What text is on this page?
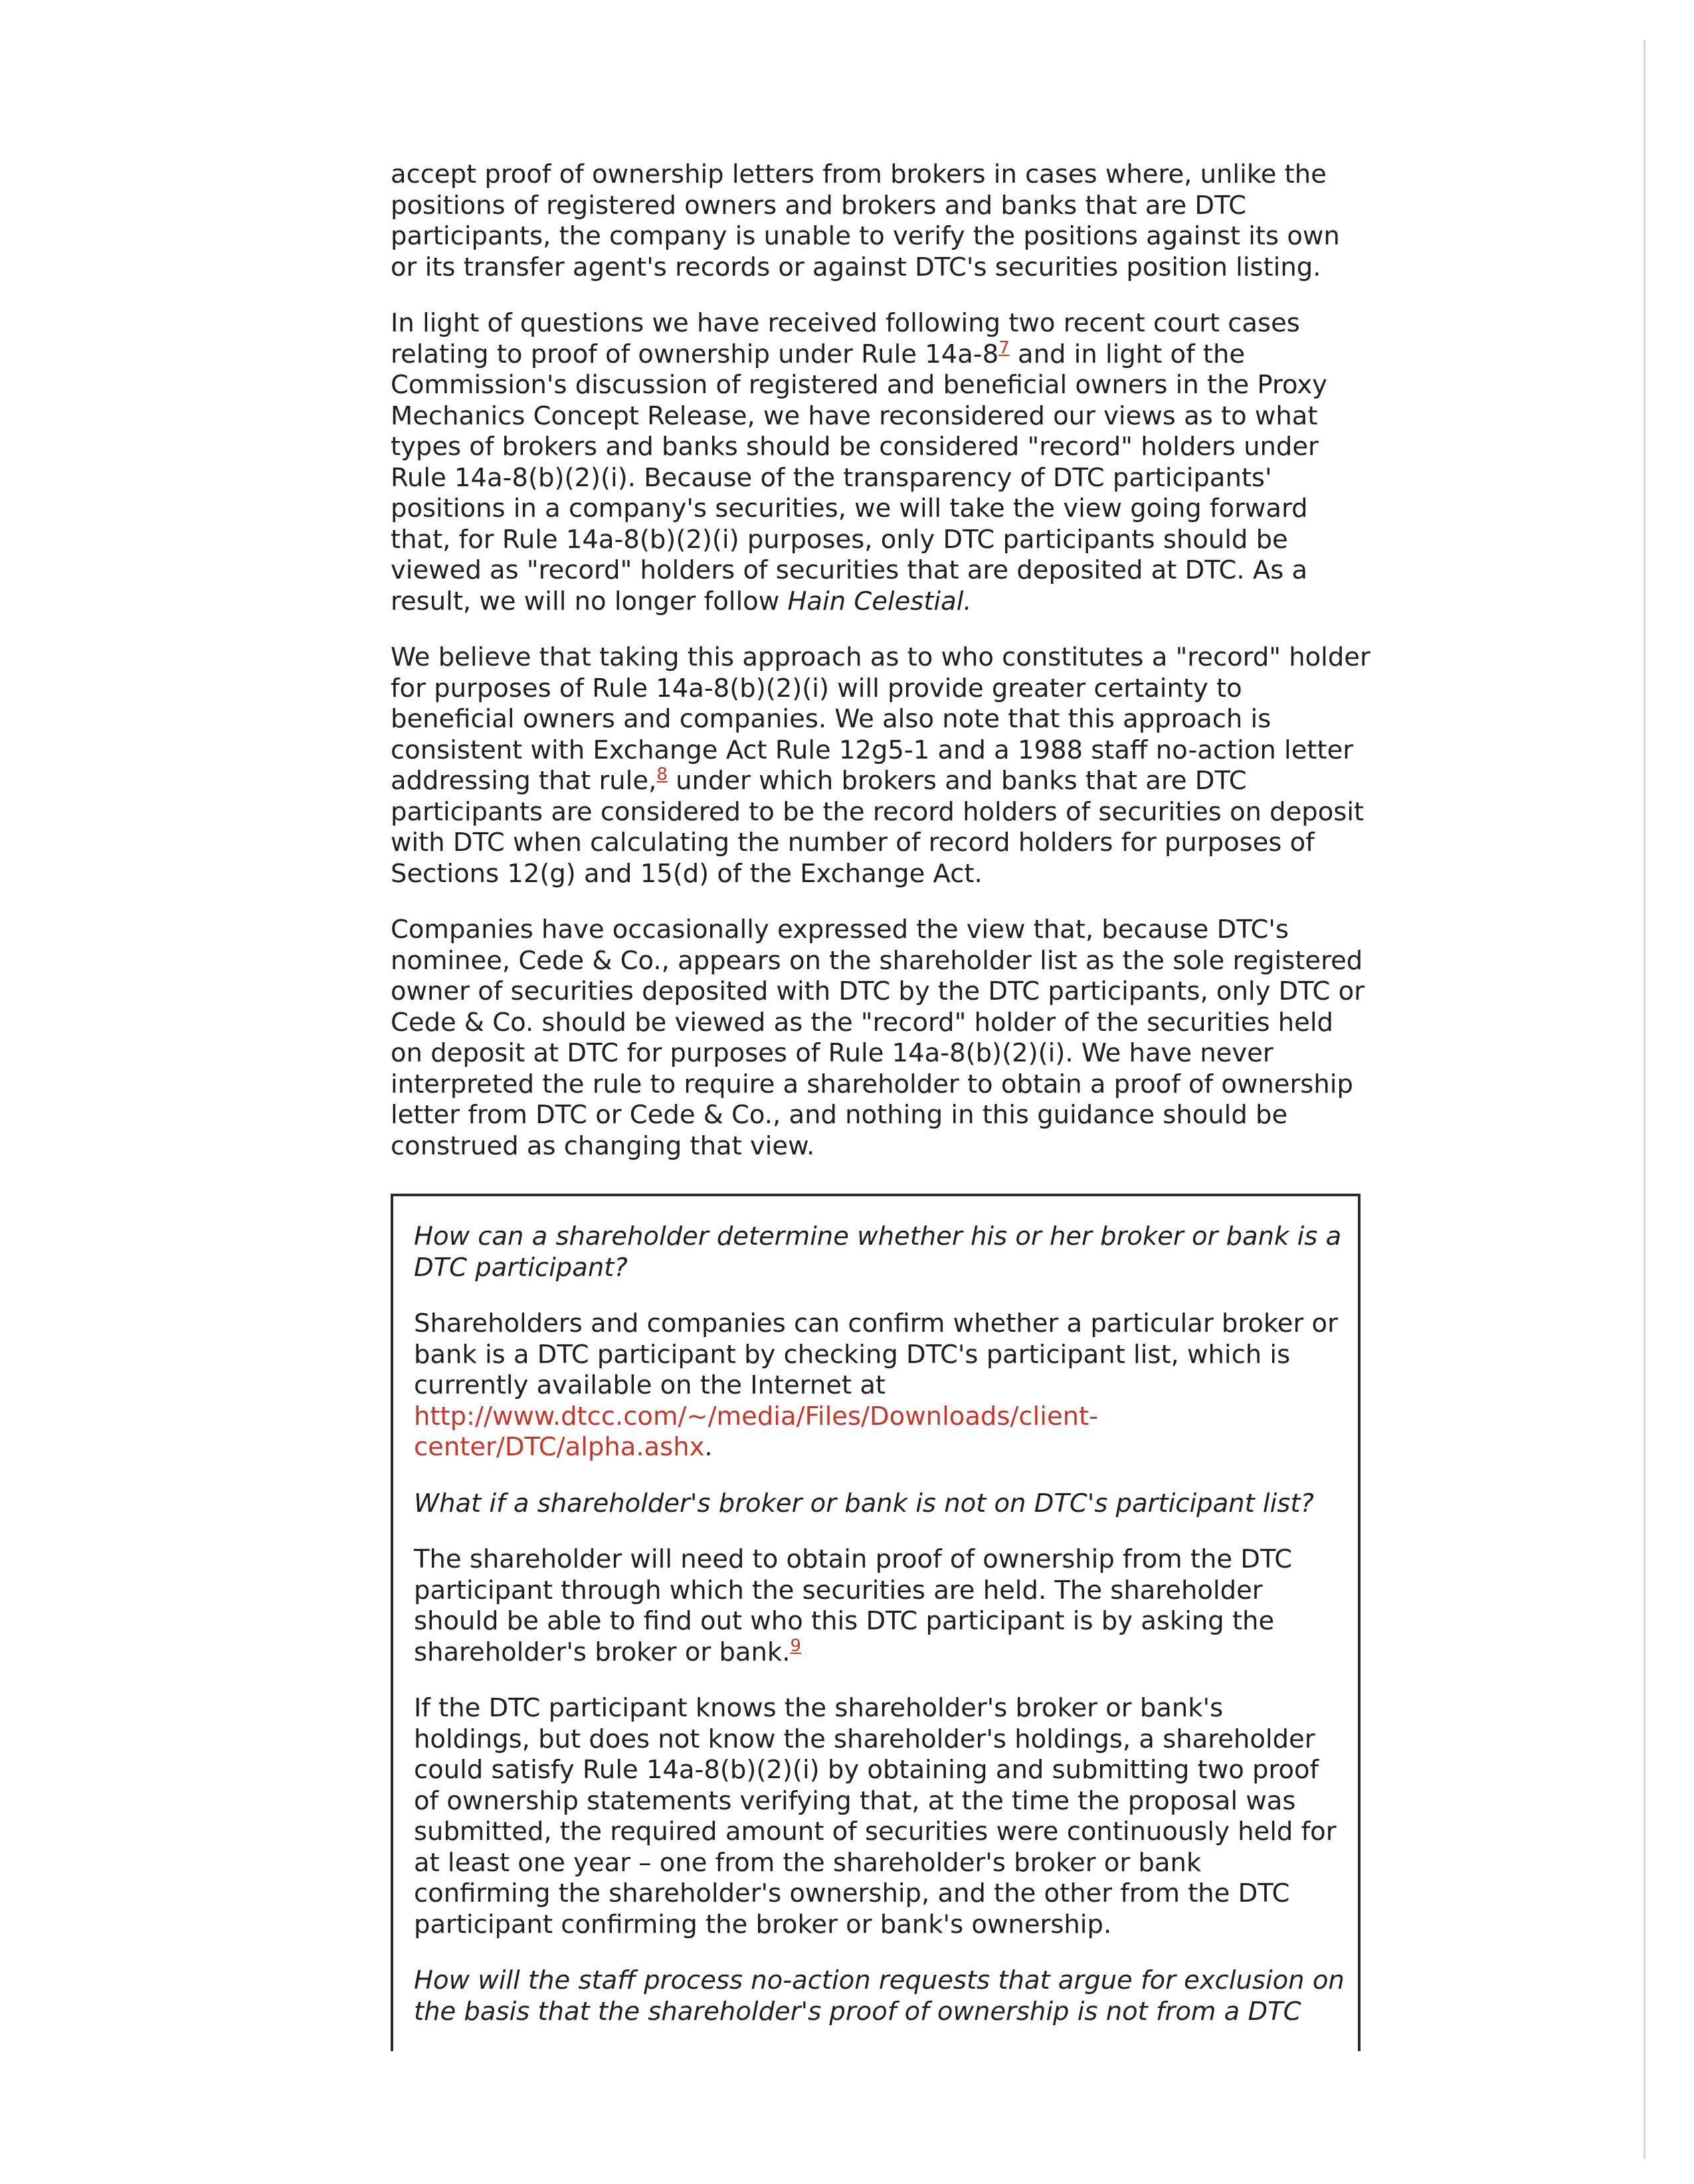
accept proof of ownership letters from brokers in cases where, unlike the
positions of registered owners and brokers and banks that are DTC
participants, the company is unable to verify the positions against its own
or its transfer agent's records or against DTC's securities position listing.

In light of questions we have received following two recent court cases
relating to proof of ownership under Rule 14a-8$^7$ and in light of the
Commission's discussion of registered and beneficial owners in the Proxy
Mechanics Concept Release, we have reconsidered our views as to what
types of brokers and banks should be considered "record" holders under
Rule 14a-8(b)(2)(i). Because of the transparency of DTC participants'
positions in a company's securities, we will take the view going forward
that, for Rule 14a-8(b)(2)(i) purposes, only DTC participants should be
viewed as "record" holders of securities that are deposited at DTC. As a
result, we will no longer follow Hain Celestial.

We believe that taking this approach as to who constitutes a "record" holder
for purposes of Rule 14a-8(b)(2)(i) will provide greater certainty to
beneficial owners and companies. We also note that this approach is
consistent with Exchange Act Rule 12g5-1 and a 1988 staff no-action letter
addressing that rule,$^8$ under which brokers and banks that are DTC
participants are considered to be the record holders of securities on deposit
with DTC when calculating the number of record holders for purposes of
Sections 12(g) and 15(d) of the Exchange Act.

Companies have occasionally expressed the view that, because DTC's
nominee, Cede & Co., appears on the shareholder list as the sole registered
owner of securities deposited with DTC by the DTC participants, only DTC or
Cede & Co. should be viewed as the "record" holder of the securities held
on deposit at DTC for purposes of Rule 14a-8(b)(2)(i). We have never
interpreted the rule to require a shareholder to obtain a proof of ownership
letter from DTC or Cede & Co., and nothing in this guidance should be
construed as changing that view.

How can a shareholder determine whether his or her broker or bank is a
DTC participant?

Shareholders and companies can confirm whether a particular broker or
bank is a DTC participant by checking DTC's participant list, which is
currently available on the Internet at
http://www.dtcc.com/~/media/Files/Downloads/client-
center/DTC/alpha.ashx.

What if a shareholder's broker or bank is not on DTC's participant list?

The shareholder will need to obtain proof of ownership from the DTC
participant through which the securities are held. The shareholder
should be able to find out who this DTC participant is by asking the
shareholder's broker or bank.$^9$

If the DTC participant knows the shareholder's broker or bank's
holdings, but does not know the shareholder's holdings, a shareholder
could satisfy Rule 14a-8(b)(2)(i) by obtaining and submitting two proof
of ownership statements verifying that, at the time the proposal was
submitted, the required amount of securities were continuously held for
at least one year – one from the shareholder's broker or bank
confirming the shareholder's ownership, and the other from the DTC
participant confirming the broker or bank's ownership.

How will the staff process no-action requests that argue for exclusion on
the basis that the shareholder's proof of ownership is not from a DTC
